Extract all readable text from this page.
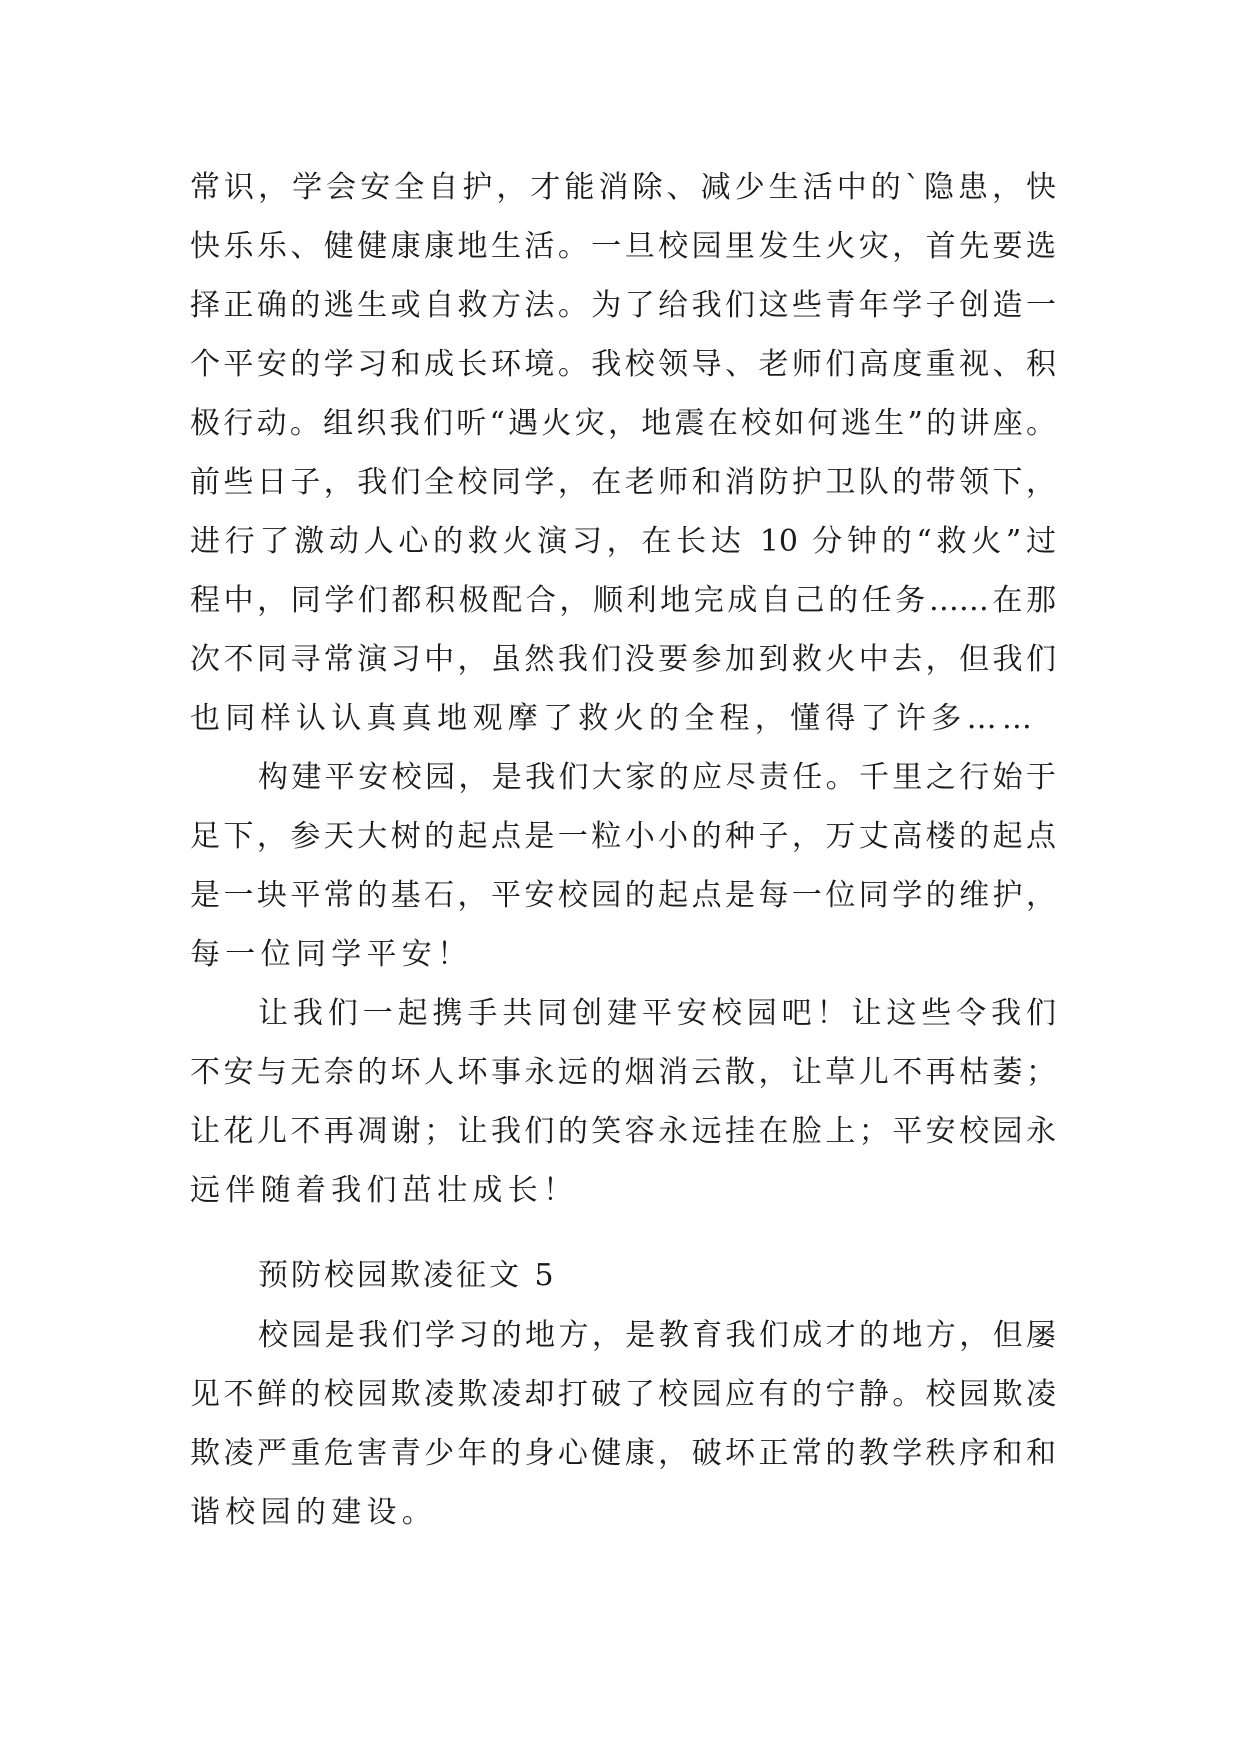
常识，学会安全自护，才能消除、减少生活中的`隐患，快
快乐乐、健健康康地生活。一旦校园里发生火灾，首先要选
择正确的逃生或自救方法。为了给我们这些青年学子创造一
个平安的学习和成长环境。我校领导、老师们高度重视、积
极行动。组织我们听“遇火灾，地震在校如何逃生”的讲座。
前些日子，我们全校同学，在老师和消防护卫队的带领下，
进行了激动人心的救火演习，在长达 10 分钟的“救火”过
程中，同学们都积极配合，顺利地完成自己的任务……在那
次不同寻常演习中，虽然我们没要参加到救火中去，但我们
也同样认认真真地观摩了救火的全程，懂得了许多……
构建平安校园，是我们大家的应尽责任。千里之行始于
足下，参天大树的起点是一粒小小的种子，万丈高楼的起点
是一块平常的基石，平安校园的起点是每一位同学的维护，
每一位同学平安！
让我们一起携手共同创建平安校园吧！让这些令我们
不安与无奈的坏人坏事永远的烟消云散，让草儿不再枯萎；
让花儿不再凋谢；让我们的笑容永远挂在脸上；平安校园永
远伴随着我们茁壮成长！
预防校园欺凌征文 5
校园是我们学习的地方，是教育我们成才的地方，但屡
见不鲜的校园欺凌欺凌却打破了校园应有的宁静。校园欺凌
欺凌严重危害青少年的身心健康，破坏正常的教学秩序和和
谐校园的建设。
